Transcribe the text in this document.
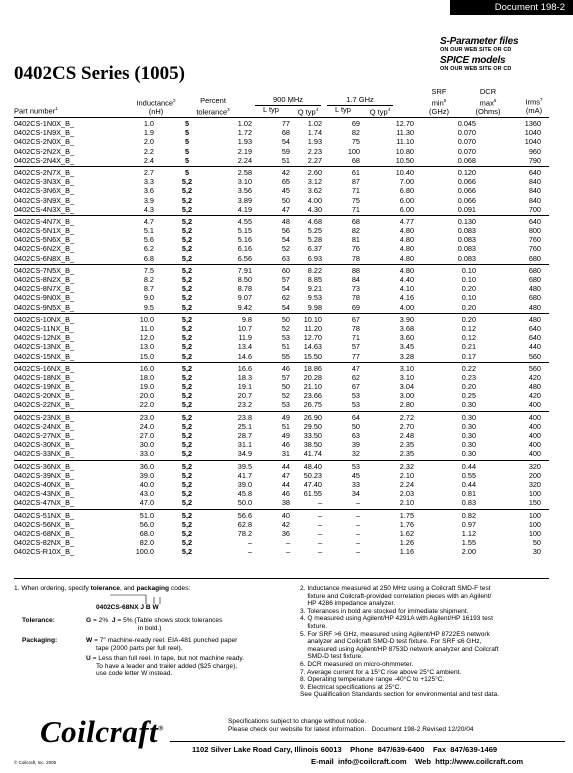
Document 198-2
S-Parameter files
ON OUR WEB SITE OR CD
SPICE models
ON OUR WEB SITE OR CD
0402CS Series (1005)
Part number$^1$
Inductance$^2$
(nH)
Percent
tolerance$^3$
900 MHz	1.7 GHz
L typ	Q typ$^4$	L typ	Q typ$^4$
SRF
$\min^5$
(GHz)
DCR
$\max^6$
(Ohms)
Irms$^7$
(mA)
0402CS-1N0X_B_	1.0	5	1.02	77	1.02	69	12.70	0.045	1360
0402CS-1N9X_B_	1.9	5	1.72	68	1.74	82	11.30	0.070	1040
0402CS-2N0X_B_	2.0	5	1.93	54	1.93	75	11.10	0.070	1040
0402CS-2N2X_B_	2.2	5	2.19	59	2.23	100	10.80	0.070	960
0402CS-2N4X_B_	2.4	5	2.24	51	2.27	68	10.50	0.068	790
0402CS-2N7X_B_	2.7	5	2.58	42	2.60	61	10.40	0.120	640
0402CS-3N3X_B_	3.3	5,2	3.10	65	3.12	87	7.00	0.066	840
0402CS-3N6X_B_	3.6	5,2	3.56	45	3.62	71	6.80	0.066	840
0402CS-3N9X_B_	3.9	5,2	3.89	50	4.00	75	6.00	0.066	840
0402CS-4N3X_B_	4.3	5,2	4.19	47	4.30	71	6.00	0.091	700
0402CS-4N7X_B_	4.7	5,2	4.55	48	4.68	68	4.77	0.130	640
0402CS-5N1X_B_	5.1	5,2	5.15	56	5.25	82	4.80	0.083	800
0402CS-5N6X_B_	5.6	5,2	5.16	54	5.28	81	4.80	0.083	760
0402CS-6N2X_B_	6.2	5,2	6.16	52	6.37	76	4.80	0.083	760
0402CS-6N8X_B_	6.8	5,2	6.56	63	6.93	78	4.80	0.083	680
0402CS-7N5X_B_	7.5	5,2	7.91	60	8.22	88	4.80	0.10	680
0402CS-8N2X_B_	8.2	5,2	8.50	57	8.85	84	4.40	0.10	680
0402CS-8N7X_B_	8.7	5,2	8.78	54	9.21	73	4.10	0.20	480
0402CS-9N0X_B_	9.0	5,2	9.07	62	9.53	78	4.16	0.10	680
0402CS-9N5X_B_	9.5	5,2	9.42	54	9.98	69	4.00	0.20	480
0402CS-10NX_B_	10.0	5,2	9.8	50	10.10	67	3.90	0.20	480
0402CS-11NX_B_	11.0	5,2	10.7	52	11.20	78	3.68	0.12	640
0402CS-12NX_B_	12.0	5,2	11.9	53	12.70	71	3.60	0.12	640
0402CS-13NX_B_	13.0	5,2	13.4	51	14.63	57	3.45	0.21	440
0402CS-15NX_B_	15.0	5,2	14.6	55	15.50	77	3.28	0.17	560
0402CS-16NX_B_	16.0	5,2	16.6	46	18.86	47	3.10	0.22	560
0402CS-18NX_B_	18.0	5,2	18.3	57	20.28	62	3.10	0.23	420
0402CS-19NX_B_	19.0	5,2	19.1	50	21.10	67	3.04	0.20	480
0402CS-20NX_B_	20.0	5,2	20.7	52	23.66	53	3.00	0.25	420
0402CS-22NX_B_	22.0	5,2	23.2	53	26.75	53	2.80	0.30	400
0402CS-23NX_B_	23.0	5,2	23.8	49	26.90	64	2.72	0.30	400
0402CS-24NX_B_	24.0	5,2	25.1	51	29.50	50	2.70	0.30	400
0402CS-27NX_B_	27.0	5,2	28.7	49	33.50	63	2.48	0.30	400
0402CS-30NX_B_	30.0	5,2	31.1	46	38.50	39	2.35	0.30	400
0402CS-33NX_B_	33.0	5,2	34.9	31	41.74	32	2.35	0.30	400
0402CS-36NX_B_	36.0	5,2	39.5	44	48.40	53	2.32	0.44	320
0402CS-39NX_B_	39.0	5,2	41.7	47	50.23	45	2.10	0.55	200
0402CS-40NX_B_	40.0	5,2	39.0	44	47.40	33	2.24	0.44	320
0402CS-43NX_B_	43.0	5,2	45.8	46	61.55	34	2.03	0.81	100
0402CS-47NX_B_	47.0	5,2	50.0	38	–	–	2.10	0.83	150
0402CS-51NX_B_	51.0	5,2	56.6	40	–	–	1.75	0.82	100
0402CS-56NX_B_	56.0	5,2	62.8	42	–	–	1.76	0.97	100
0402CS-68NX_B_	68.0	5,2	78.2	36	–	–	1.62	1.12	100
0402CS-82NX_B_	82.0	5,2	–	–	–	–	1.26	1.55	50
0402CS-R10X_B_	100.0	5,2	–	–	–	–	1.16	2.00	30
1. When ordering, specify tolerance, and packaging codes:
0402CS-68NX J B W
Tolerance:	G = 2% J = 5% (Table shows stock tolerances
in bold.)
Packaging:	W = 7″ machine-ready reel. EIA-481 punched paper
tape (2000 parts per full reel).
U = Less than full reel. In tape, but not machine ready.
To have a leader and trailer added ($25 charge),
use code letter W instead.
2. Inductance measured at 250 MHz using a Coilcraft SMD-F test
fixture and Coilcraft-provided correlation pieces with an Agilent/
HP 4286 impedance analyzer.
3. Tolerances in bold are stocked for immediate shipment.
4. Q measured using Agilent/HP 4291A with Agilent/HP 16193 test
fixture.
5. For SRF >6 GHz, measured using Agilent/HP 8722ES network
analyzer and Coilcraft SMD-D test fixture. For SRF ≤6 GHz,
measured using Agilent/HP 8753D network analyzer and Coilcraft
SMD-D test fixture.
6. DCR measured on micro-ohmmeter.
7. Average current for a 15°C rise above 25°C ambient.
8. Operating temperature range -40°C to +125°C.
9. Electrical specifications at 25°C.
See Qualification Standards section for environmental and test data.
Coilcraft®
© Coilcraft, Inc. 2005
Specifications subject to change without notice.
Please check our website for latest information. Document 198-2 Revised 12/20/04
1102 Silver Lake Road Cary, Illinois 60013 Phone 847/639-6400 Fax 847/639-1469
E-mail info@coilcraft.com Web http://www.coilcraft.com
